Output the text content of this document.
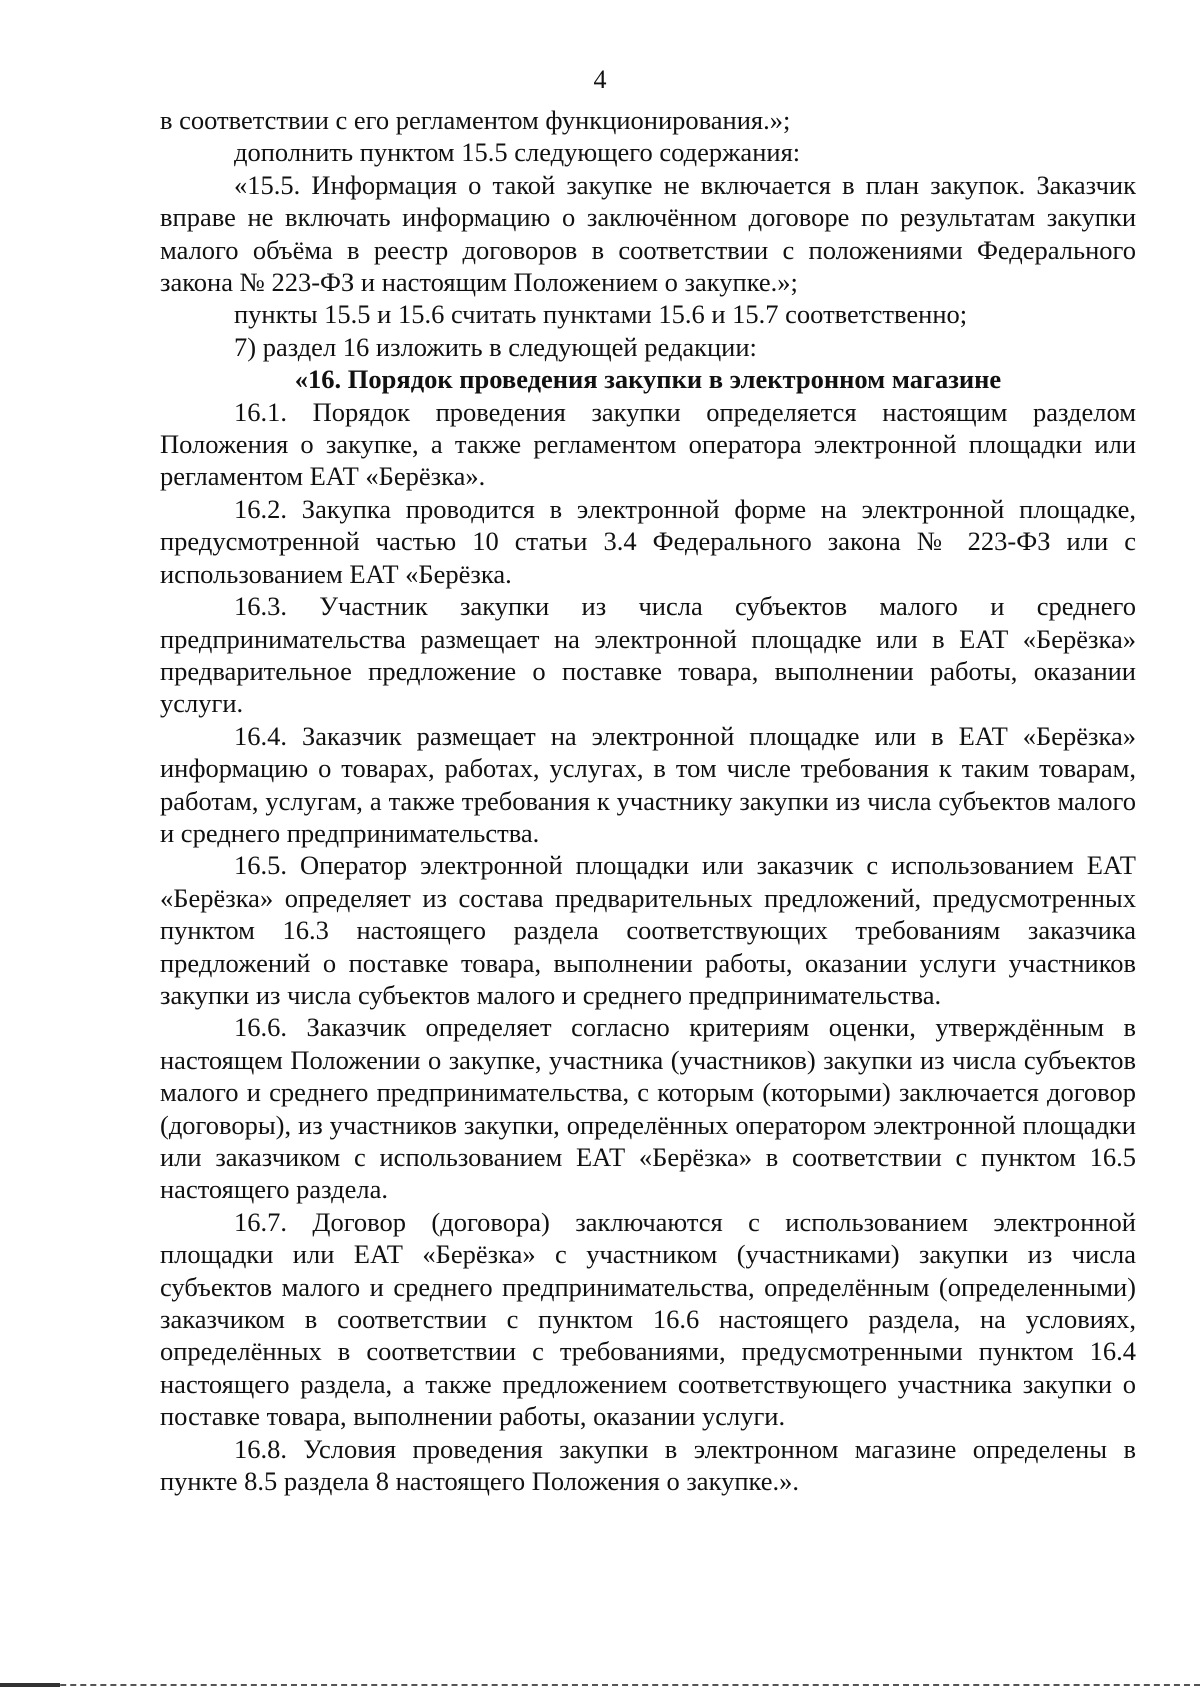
4

в соответствии с его регламентом функционирования.»;

дополнить пунктом 15.5 следующего содержания:

«15.5. Информация о такой закупке не включается в план закупок. Заказчик вправе не включать информацию о заключённом договоре по результатам закупки малого объёма в реестр договоров в соответствии с положениями Федерального закона № 223-ФЗ и настоящим Положением о закупке.»;

пункты 15.5 и 15.6 считать пунктами 15.6 и 15.7 соответственно;

7) раздел 16 изложить в следующей редакции:

«16. Порядок проведения закупки в электронном магазине

16.1. Порядок проведения закупки определяется настоящим разделом Положения о закупке, а также регламентом оператора электронной площадки или регламентом ЕАТ «Берёзка».

16.2. Закупка проводится в электронной форме на электронной площадке, предусмотренной частью 10 статьи 3.4 Федерального закона № 223-ФЗ или с использованием ЕАТ «Берёзка.

16.3. Участник закупки из числа субъектов малого и среднего предпринимательства размещает на электронной площадке или в ЕАТ «Берёзка» предварительное предложение о поставке товара, выполнении работы, оказании услуги.

16.4. Заказчик размещает на электронной площадке или в ЕАТ «Берёзка» информацию о товарах, работах, услугах, в том числе требования к таким товарам, работам, услугам, а также требования к участнику закупки из числа субъектов малого и среднего предпринимательства.

16.5. Оператор электронной площадки или заказчик с использованием ЕАТ «Берёзка» определяет из состава предварительных предложений, предусмотренных пунктом 16.3 настоящего раздела соответствующих требованиям заказчика предложений о поставке товара, выполнении работы, оказании услуги участников закупки из числа субъектов малого и среднего предпринимательства.

16.6. Заказчик определяет согласно критериям оценки, утверждённым в настоящем Положении о закупке, участника (участников) закупки из числа субъектов малого и среднего предпринимательства, с которым (которыми) заключается договор (договоры), из участников закупки, определённых оператором электронной площадки или заказчиком с использованием ЕАТ «Берёзка» в соответствии с пунктом 16.5 настоящего раздела.

16.7. Договор (договора) заключаются с использованием электронной площадки или ЕАТ «Берёзка» с участником (участниками) закупки из числа субъектов малого и среднего предпринимательства, определённым (определенными) заказчиком в соответствии с пунктом 16.6 настоящего раздела, на условиях, определённых в соответствии с требованиями, предусмотренными пунктом 16.4 настоящего раздела, а также предложением соответствующего участника закупки о поставке товара, выполнении работы, оказании услуги.

16.8. Условия проведения закупки в электронном магазине определены в пункте 8.5 раздела 8 настоящего Положения о закупке.».
